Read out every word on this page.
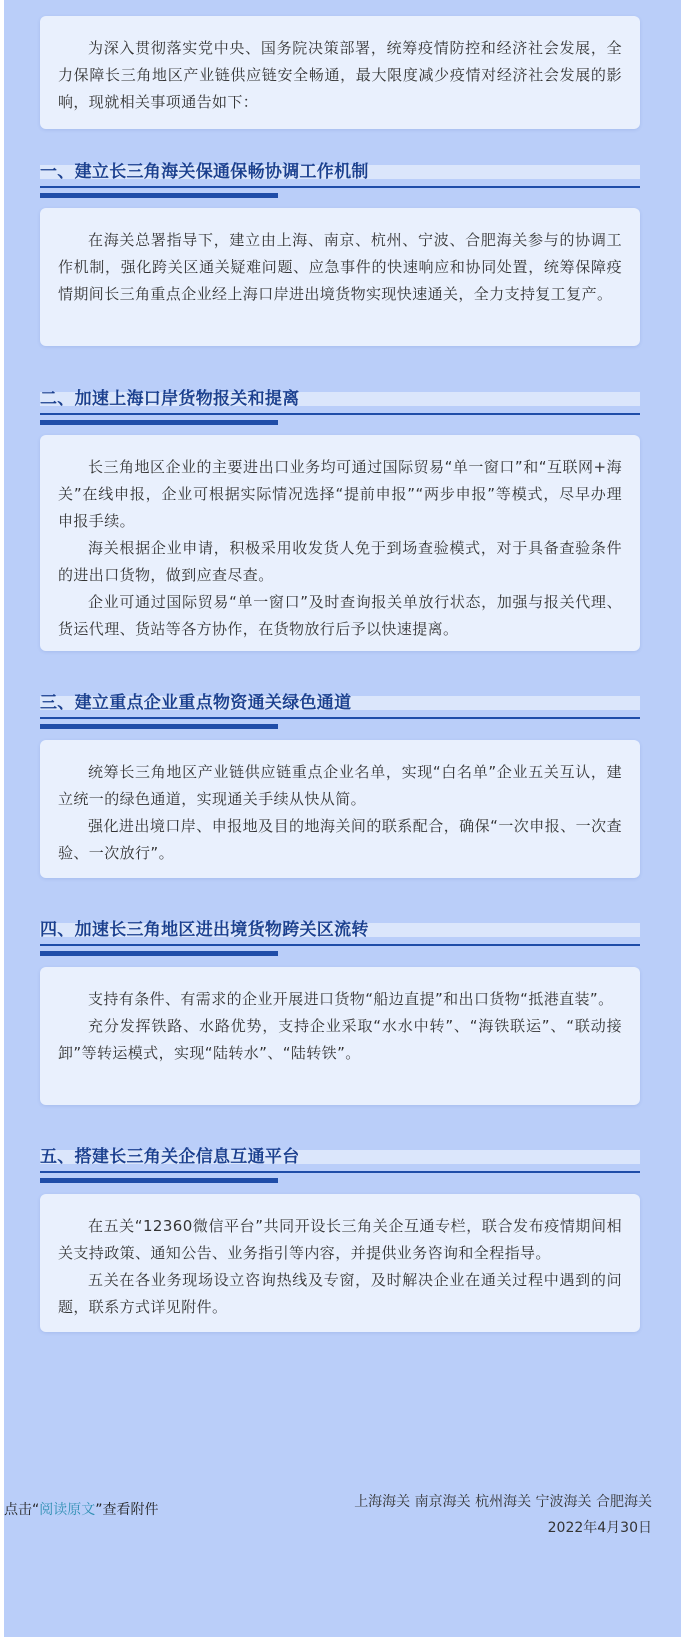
为深入贯彻落实党中央、国务院决策部署，统筹疫情防控和经济社会发展，全力保障长三角地区产业链供应链安全畅通，最大限度减少疫情对经济社会发展的影响，现就相关事项通告如下：

一、建立长三角海关保通保畅协调工作机制

在海关总署指导下，建立由上海、南京、杭州、宁波、合肥海关参与的协调工作机制，强化跨关区通关疑难问题、应急事件的快速响应和协同处置，统筹保障疫情期间长三角重点企业经上海口岸进出境货物实现快速通关，全力支持复工复产。

二、加速上海口岸货物报关和提离

长三角地区企业的主要进出口业务均可通过国际贸易“单一窗口”和“互联网+海关”在线申报，企业可根据实际情况选择“提前申报”“两步申报”等模式，尽早办理申报手续。

海关根据企业申请，积极采用收发货人免于到场查验模式，对于具备查验条件的进出口货物，做到应查尽查。

企业可通过国际贸易“单一窗口”及时查询报关单放行状态，加强与报关代理、货运代理、货站等各方协作，在货物放行后予以快速提离。

三、建立重点企业重点物资通关绿色通道

统筹长三角地区产业链供应链重点企业名单，实现“白名单”企业五关互认，建立统一的绿色通道，实现通关手续从快从简。

强化进出境口岸、申报地及目的地海关间的联系配合，确保“一次申报、一次查验、一次放行”。

四、加速长三角地区进出境货物跨关区流转

支持有条件、有需求的企业开展进口货物“船边直提”和出口货物“抵港直装”。

充分发挥铁路、水路优势，支持企业采取“水水中转”、“海铁联运”、“联动接卸”等转运模式，实现“陆转水”、“陆转铁”。

五、搭建长三角关企信息互通平台

在五关“12360微信平台”共同开设长三角关企互通专栏，联合发布疫情期间相关支持政策、通知公告、业务指引等内容，并提供业务咨询和全程指导。

五关在各业务现场设立咨询热线及专窗，及时解决企业在通关过程中遇到的问题，联系方式详见附件。

点击“阅读原文”查看附件	上海海关 南京海关 杭州海关 宁波海关 合肥海关
2022年4月30日
